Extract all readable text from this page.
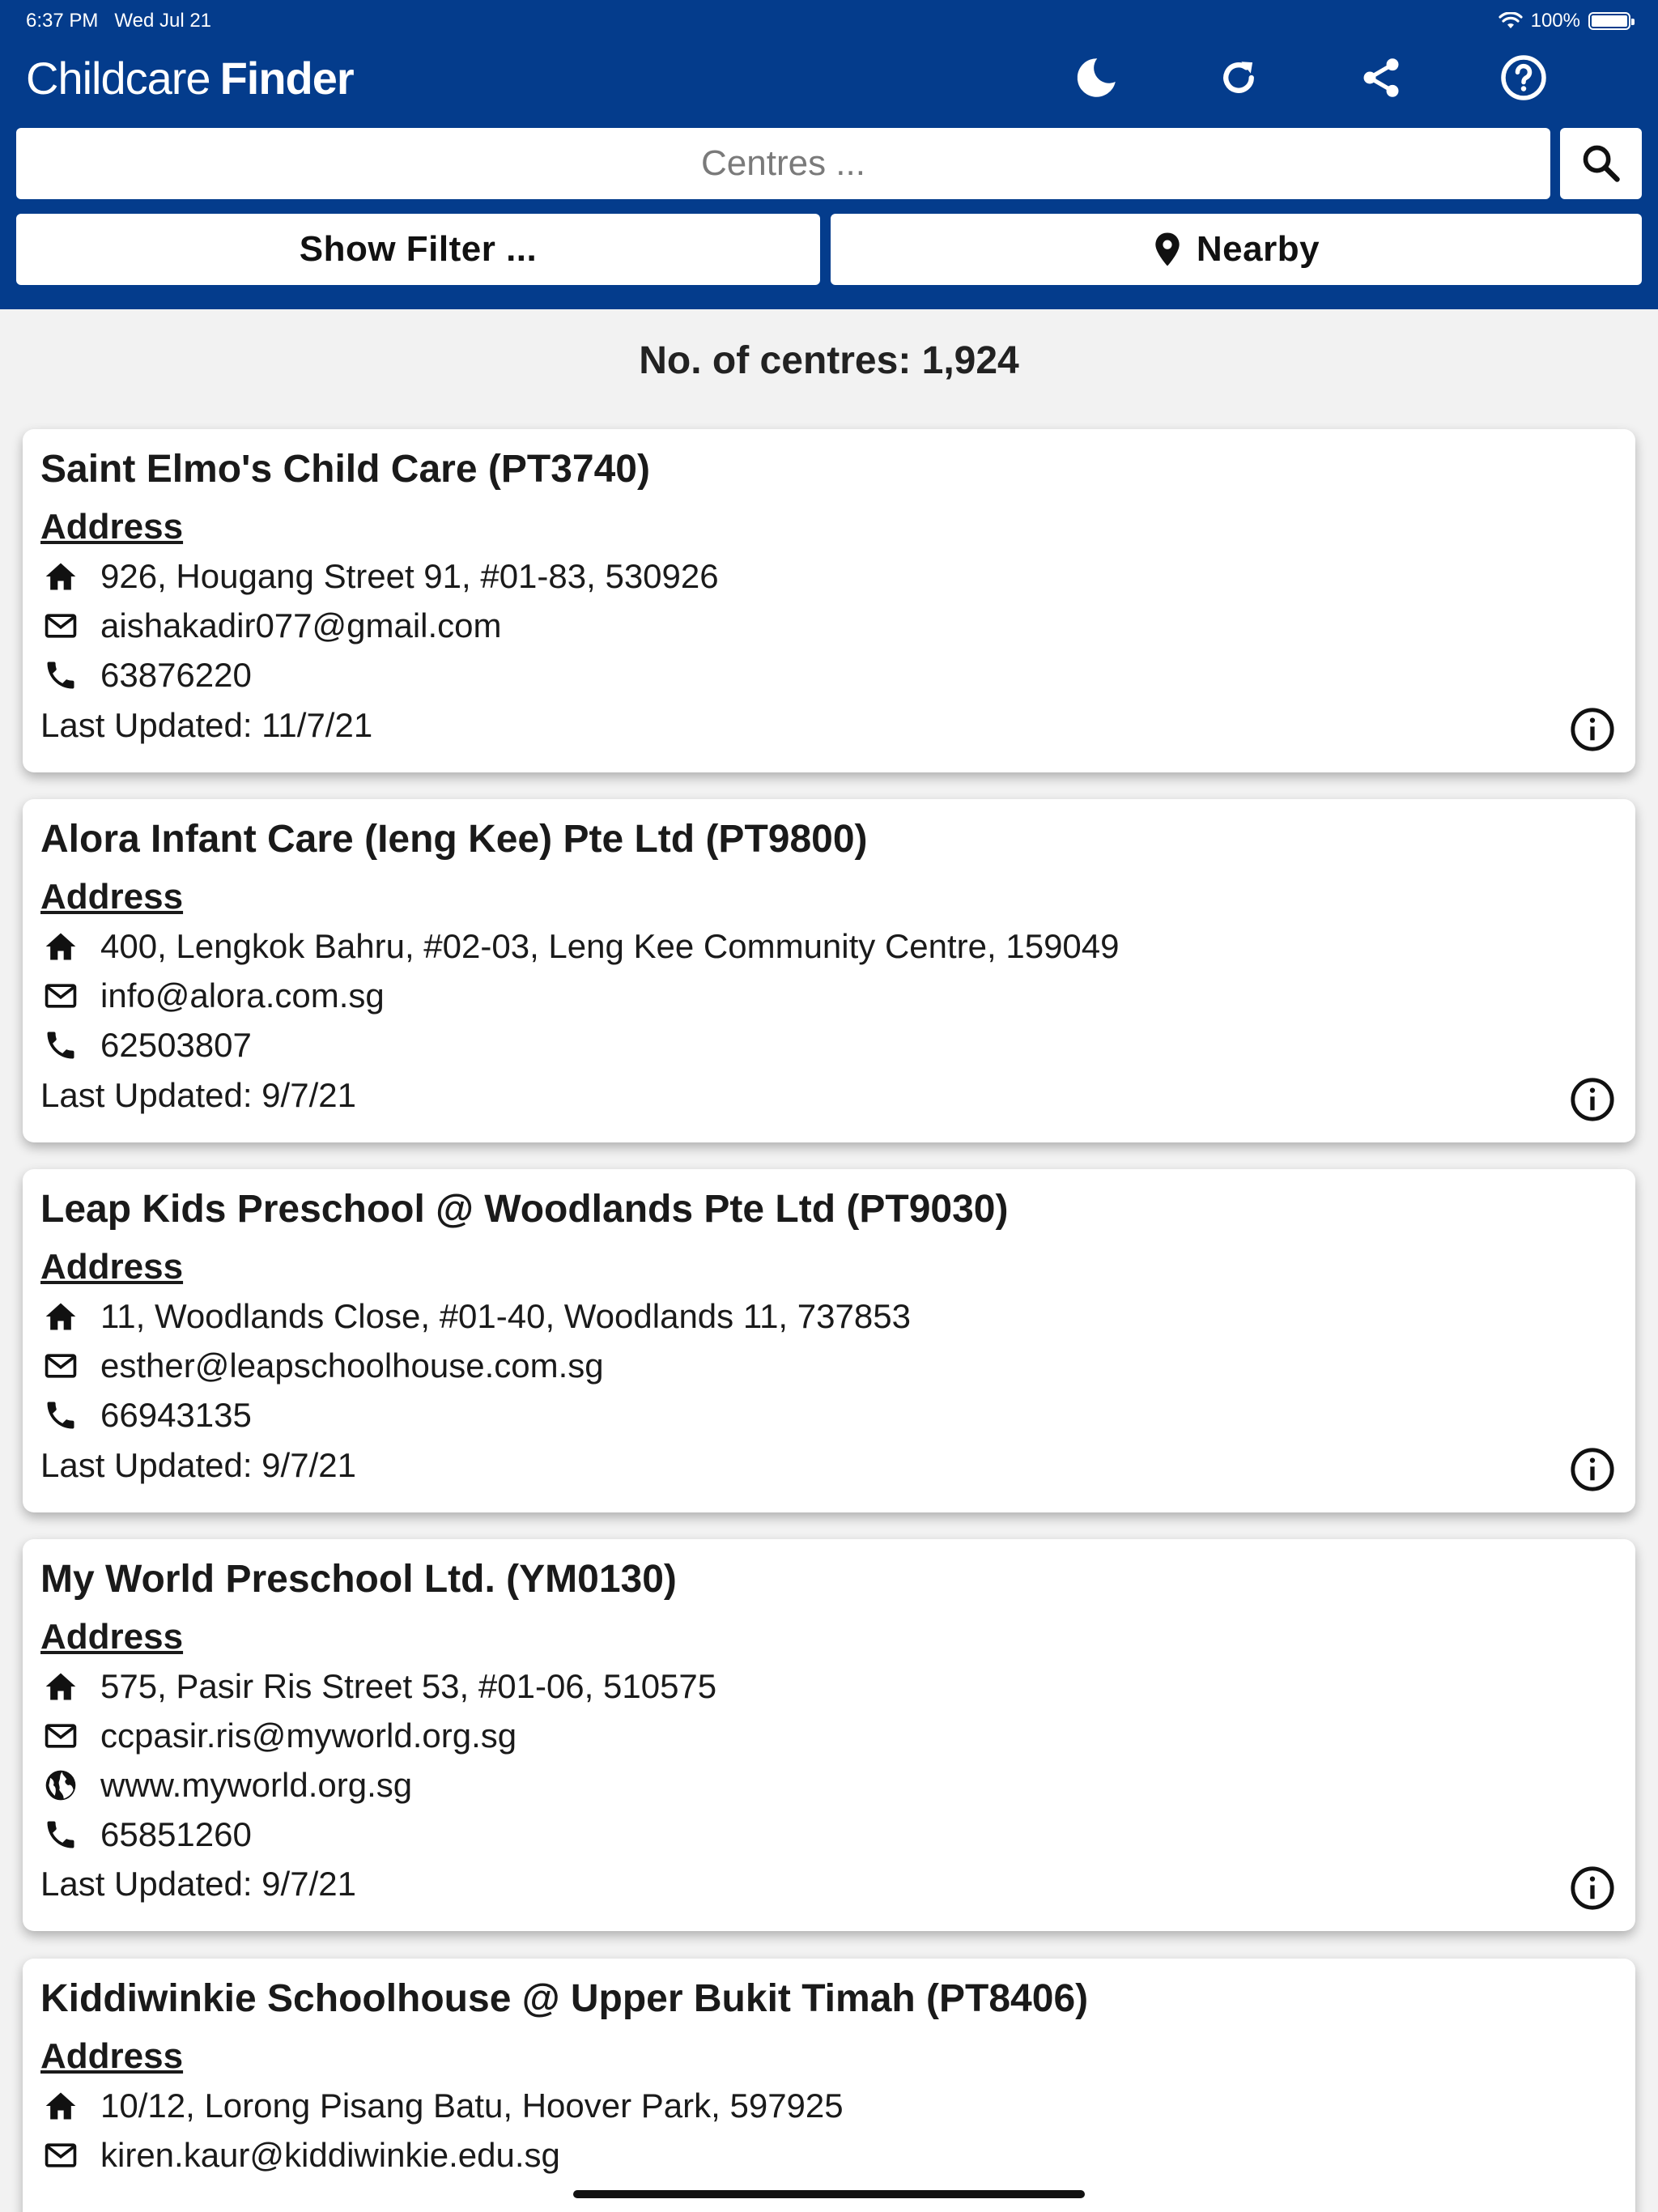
6:37 PM Wed Jul 21	100%
Childcare Finder
Centres ...
Show Filter ...	Nearby
No. of centres: 1,924
Saint Elmo's Child Care (PT3740)
Address
926, Hougang Street 91, #01-83, 530926
aishakadir077@gmail.com
63876220
Last Updated: 11/7/21
Alora Infant Care (Ieng Kee) Pte Ltd (PT9800)
Address
400, Lengkok Bahru, #02-03, Leng Kee Community Centre, 159049
info@alora.com.sg
62503807
Last Updated: 9/7/21
Leap Kids Preschool @ Woodlands Pte Ltd (PT9030)
Address
11, Woodlands Close, #01-40, Woodlands 11, 737853
esther@leapschoolhouse.com.sg
66943135
Last Updated: 9/7/21
My World Preschool Ltd. (YM0130)
Address
575, Pasir Ris Street 53, #01-06, 510575
ccpasir.ris@myworld.org.sg
www.myworld.org.sg
65851260
Last Updated: 9/7/21
Kiddiwinkie Schoolhouse @ Upper Bukit Timah (PT8406)
Address
10/12, Lorong Pisang Batu, Hoover Park, 597925
kiren.kaur@kiddiwinkie.edu.sg
